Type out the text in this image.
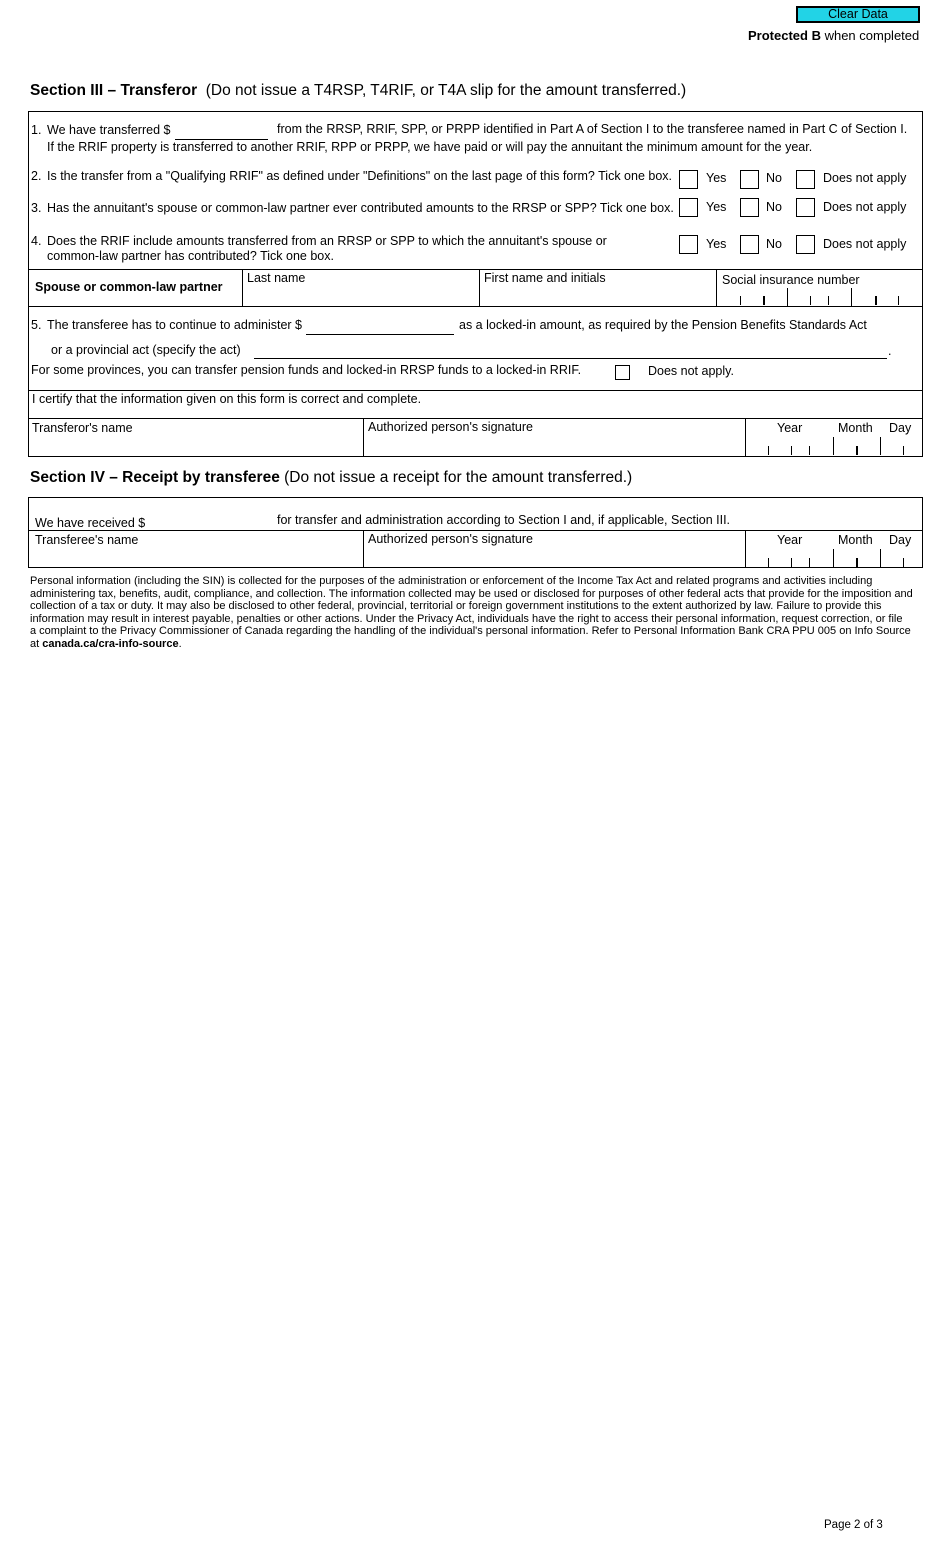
Clear Data
Protected B when completed
Section III – Transferor (Do not issue a T4RSP, T4RIF, or T4A slip for the amount transferred.)
1. We have transferred $	from the RRSP, RRIF, SPP, or PRPP identified in Part A of Section I to the transferee named in Part C of Section I.
If the RRIF property is transferred to another RRIF, RPP or PRPP, we have paid or will pay the annuitant the minimum amount for the year.
2. Is the transfer from a "Qualifying RRIF" as defined under "Definitions" on the last page of this form? Tick one box.	Yes	No	Does not apply
3. Has the annuitant's spouse or common-law partner ever contributed amounts to the RRSP or SPP? Tick one box.	Yes	No	Does not apply
4. Does the RRIF include amounts transferred from an RRSP or SPP to which the annuitant's spouse or
common-law partner has contributed? Tick one box.
Yes	No	Does not apply
Spouse or common-law partner
Last name	First name and initials	Social insurance number
5. The transferee has to continue to administer $	as a locked-in amount, as required by the Pension Benefits Standards Act
or a provincial act (specify the act)	.
For some provinces, you can transfer pension funds and locked-in RRSP funds to a locked-in RRIF.	Does not apply.
I certify that the information given on this form is correct and complete.
Transferor's name	Authorized person's signature	Year	Month Day
Section IV – Receipt by transferee (Do not issue a receipt for the amount transferred.)
We have received $	for transfer and administration according to Section I and, if applicable, Section III.
Transferee's name	Authorized person's signature	Year	Month Day
Personal information (including the SIN) is collected for the purposes of the administration or enforcement of the Income Tax Act and related programs and activities including
administering tax, benefits, audit, compliance, and collection. The information collected may be used or disclosed for purposes of other federal acts that provide for the imposition and
collection of a tax or duty. It may also be disclosed to other federal, provincial, territorial or foreign government institutions to the extent authorized by law. Failure to provide this
information may result in interest payable, penalties or other actions. Under the Privacy Act, individuals have the right to access their personal information, request correction, or file
a complaint to the Privacy Commissioner of Canada regarding the handling of the individual's personal information. Refer to Personal Information Bank CRA PPU 005 on Info Source
at canada.ca/cra-info-source.
Page 2 of 3
